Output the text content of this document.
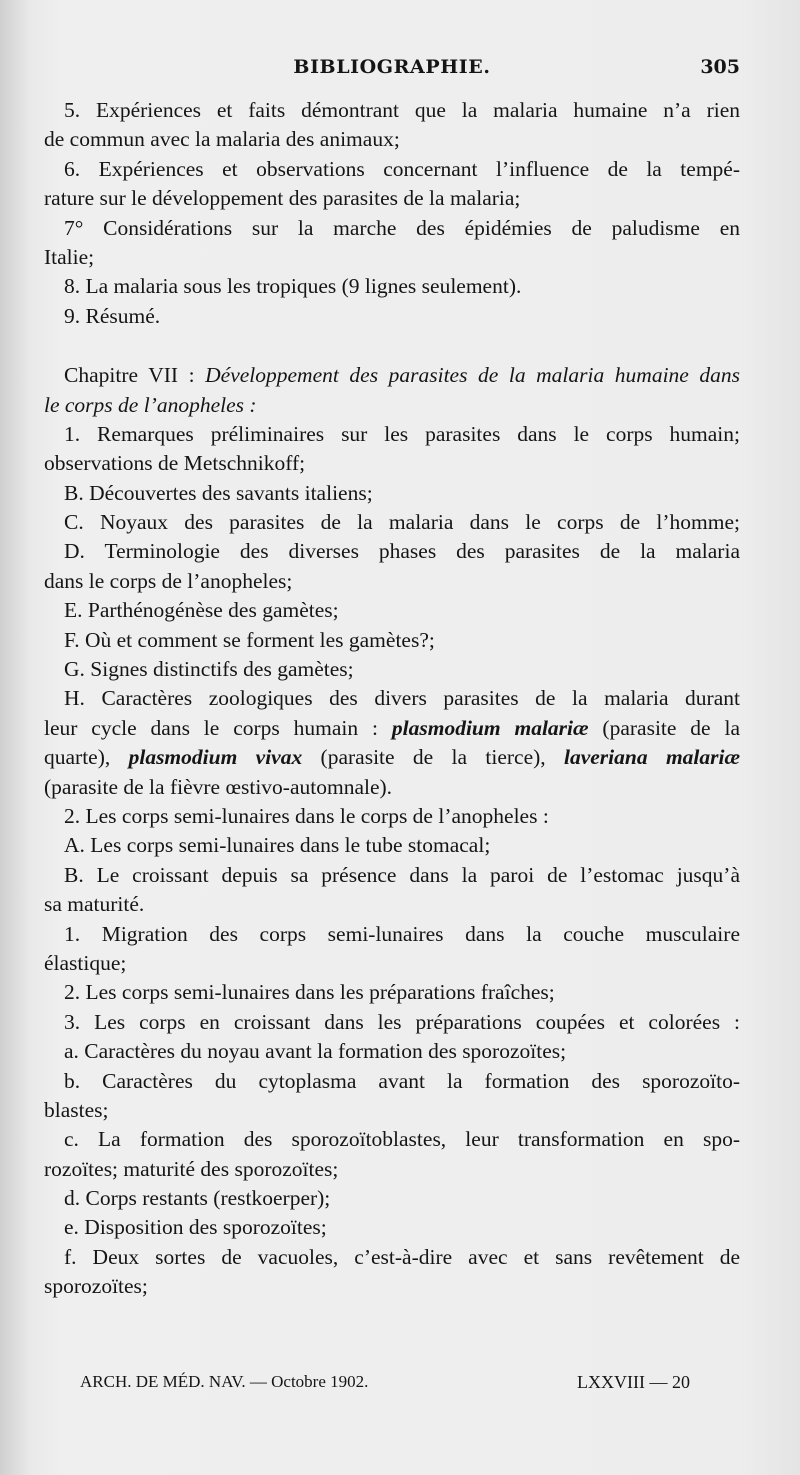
BIBLIOGRAPHIE.	305
5. Expériences et faits démontrant que la malaria humaine n’a rien
de commun avec la malaria des animaux;
6. Expériences et observations concernant l’influence de la tempé-
rature sur le développement des parasites de la malaria;
7° Considérations sur la marche des épidémies de paludisme en
Italie;
8. La malaria sous les tropiques (9 lignes seulement).
9. Résumé.
Chapitre VII : Développement des parasites de la malaria humaine dans
le corps de l’anopheles :
1. Remarques préliminaires sur les parasites dans le corps humain;
observations de Metschnikoff;
B. Découvertes des savants italiens;
C. Noyaux des parasites de la malaria dans le corps de l’homme;
D. Terminologie des diverses phases des parasites de la malaria
dans le corps de l’anopheles;
E. Parthénogénèse des gamètes;
F. Où et comment se forment les gamètes?;
G. Signes distinctifs des gamètes;
H. Caractères zoologiques des divers parasites de la malaria durant
leur cycle dans le corps humain : plasmodium malariæ (parasite de la
quarte), plasmodium vivax (parasite de la tierce), laveriana malariæ
(parasite de la fièvre œstivo-automnale).
2. Les corps semi-lunaires dans le corps de l’anopheles :
A. Les corps semi-lunaires dans le tube stomacal;
B. Le croissant depuis sa présence dans la paroi de l’estomac jusqu’à
sa maturité.
1. Migration des corps semi-lunaires dans la couche musculaire
élastique;
2. Les corps semi-lunaires dans les préparations fraîches;
3. Les corps en croissant dans les préparations coupées et colorées :
a. Caractères du noyau avant la formation des sporozoïtes;
b. Caractères du cytoplasma avant la formation des sporozoïto-
blastes;
c. La formation des sporozoïtoblastes, leur transformation en spo-
rozoïtes; maturité des sporozoïtes;
d. Corps restants (restkoerper);
e. Disposition des sporozoïtes;
f. Deux sortes de vacuoles, c’est-à-dire avec et sans revêtement de
sporozoïtes;
ARCH. DE MÉD. NAV. — Octobre 1902.	LXXVIII — 20
